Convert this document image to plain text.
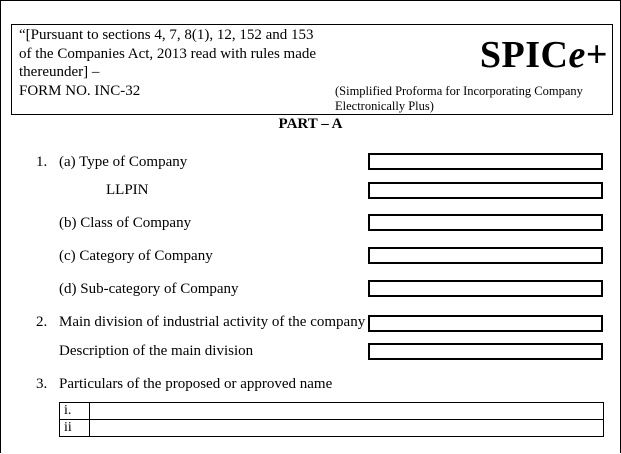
“[Pursuant to sections 4, 7, 8(1), 12, 152 and 153 of the Companies Act, 2013 read with rules made thereunder] –
FORM NO. INC-32
SPICe+
(Simplified Proforma for Incorporating Company Electronically Plus)
PART – A
1. (a) Type of Company
LLPIN
(b) Class of Company
(c) Category of Company
(d) Sub-category of Company
2. Main division of industrial activity of the company
Description of the main division
3. Particulars of the proposed or approved name
i.	
ii	
